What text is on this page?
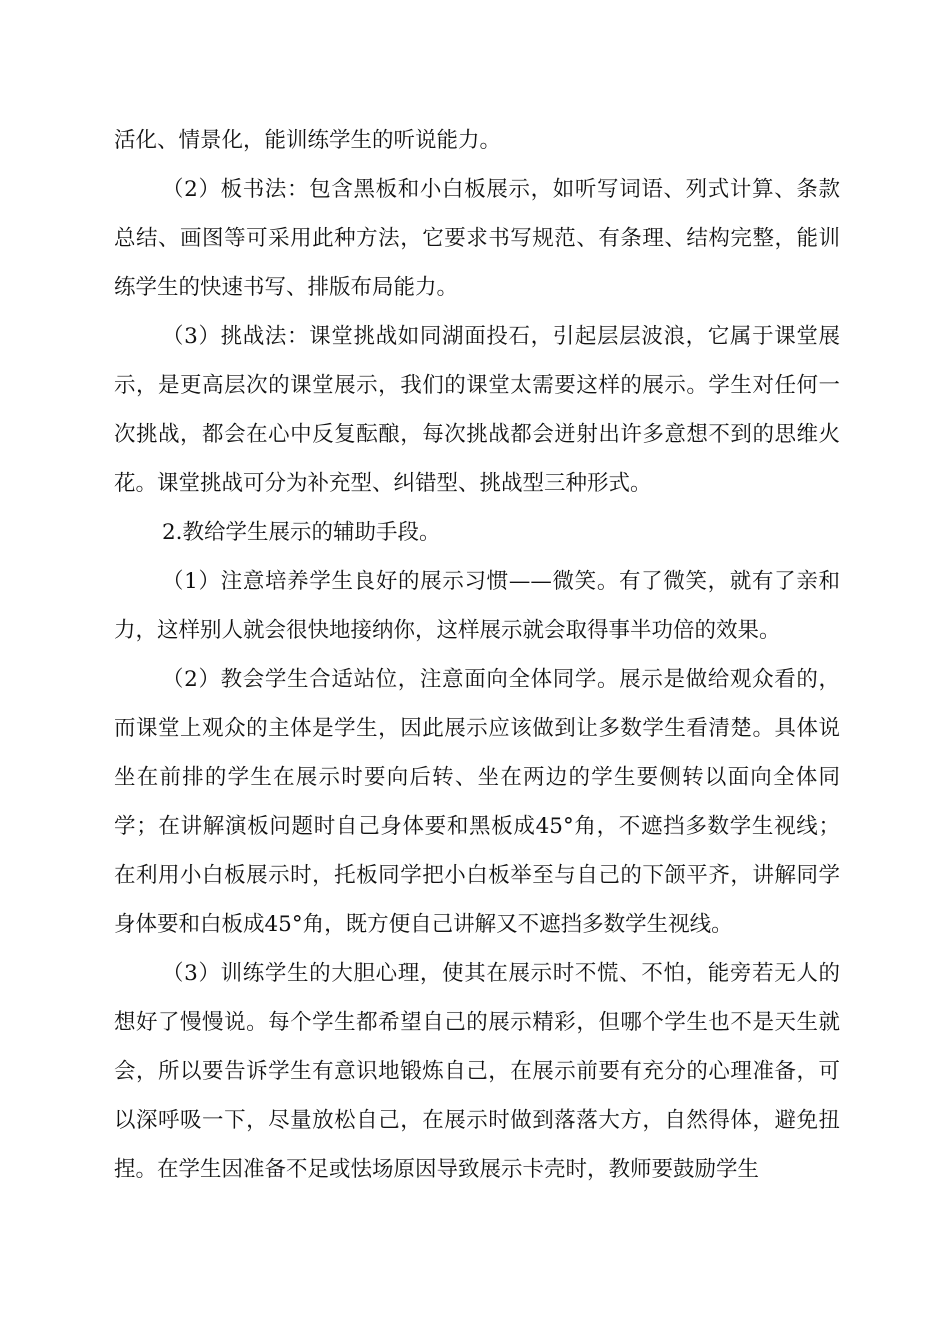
活化、情景化，能训练学生的听说能力。

（2）板书法：包含黑板和小白板展示，如听写词语、列式计算、条款总结、画图等可采用此种方法，它要求书写规范、有条理、结构完整，能训练学生的快速书写、排版布局能力。

（3）挑战法：课堂挑战如同湖面投石，引起层层波浪，它属于课堂展示，是更高层次的课堂展示，我们的课堂太需要这样的展示。学生对任何一次挑战，都会在心中反复酝酿，每次挑战都会迸射出许多意想不到的思维火花。课堂挑战可分为补充型、纠错型、挑战型三种形式。

2.教给学生展示的辅助手段。

（1）注意培养学生良好的展示习惯——微笑。有了微笑，就有了亲和力，这样别人就会很快地接纳你，这样展示就会取得事半功倍的效果。

（2）教会学生合适站位，注意面向全体同学。展示是做给观众看的，而课堂上观众的主体是学生，因此展示应该做到让多数学生看清楚。具体说坐在前排的学生在展示时要向后转、坐在两边的学生要侧转以面向全体同学；在讲解演板问题时自己身体要和黑板成45°角，不遮挡多数学生视线；在利用小白板展示时，托板同学把小白板举至与自己的下颌平齐，讲解同学身体要和白板成45°角，既方便自己讲解又不遮挡多数学生视线。

（3）训练学生的大胆心理，使其在展示时不慌、不怕，能旁若无人的想好了慢慢说。每个学生都希望自己的展示精彩，但哪个学生也不是天生就会，所以要告诉学生有意识地锻炼自己，在展示前要有充分的心理准备，可以深呼吸一下，尽量放松自己，在展示时做到落落大方，自然得体，避免扭捏。在学生因准备不足或怯场原因导致展示卡壳时，教师要鼓励学生
